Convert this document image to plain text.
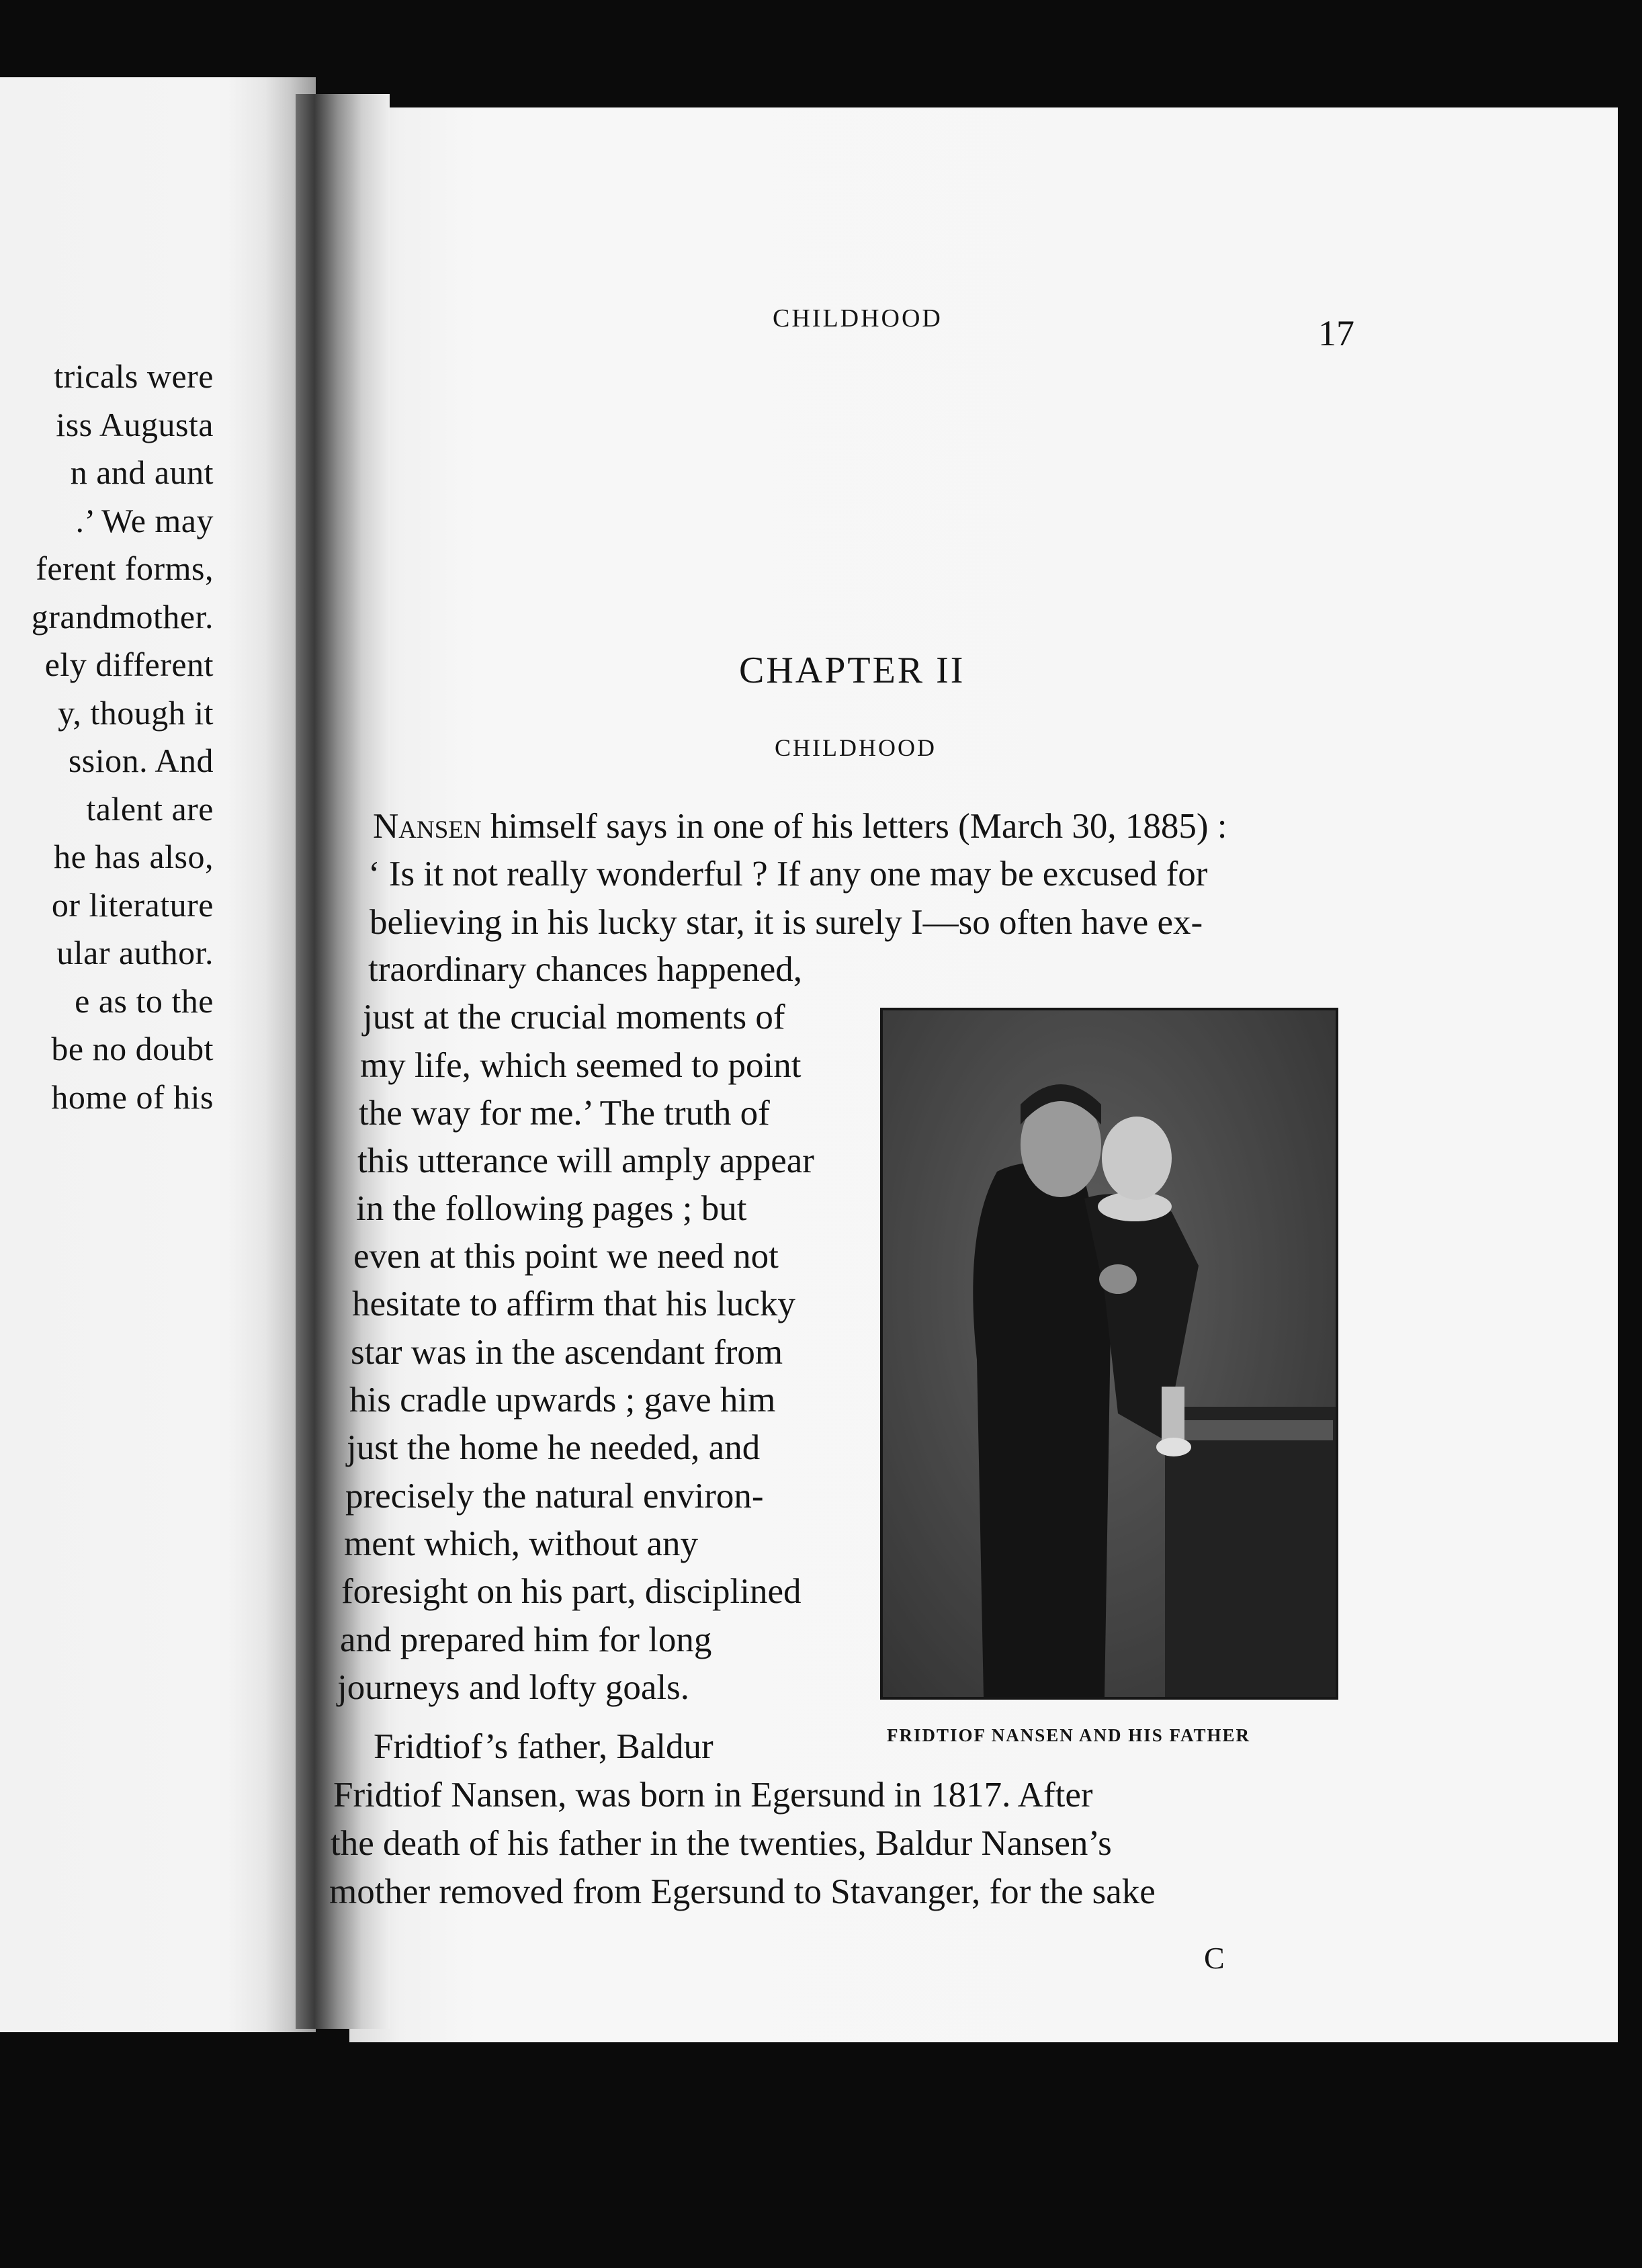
tricals were
iss Augusta
n and aunt
.’ We may
ferent forms,
grandmother.
ely different
y, though it
ssion. And
talent are
he has also,
or literature
ular author.
e as to the
be no doubt
home of his
CHILDHOOD	17
CHAPTER II
CHILDHOOD
Nansen himself says in one of his letters (March 30, 1885) :
‘ Is it not really wonderful ? If any one may be excused for
believing in his lucky star, it is surely I—so often have ex-
traordinary chances happened,
just at the crucial moments of
my life, which seemed to point
the way for me.’ The truth of
this utterance will amply appear
in the following pages ; but
even at this point we need not
hesitate to affirm that his lucky
star was in the ascendant from
his cradle upwards ; gave him
just the home he needed, and
precisely the natural environ-
ment which, without any
foresight on his part, disciplined
and prepared him for long
journeys and lofty goals.
Fridtiof’s father, Baldur
Fridtiof Nansen, was born in Egersund in 1817. After
the death of his father in the twenties, Baldur Nansen’s
mother removed from Egersund to Stavanger, for the sake
FRIDTIOF NANSEN AND HIS FATHER
C
